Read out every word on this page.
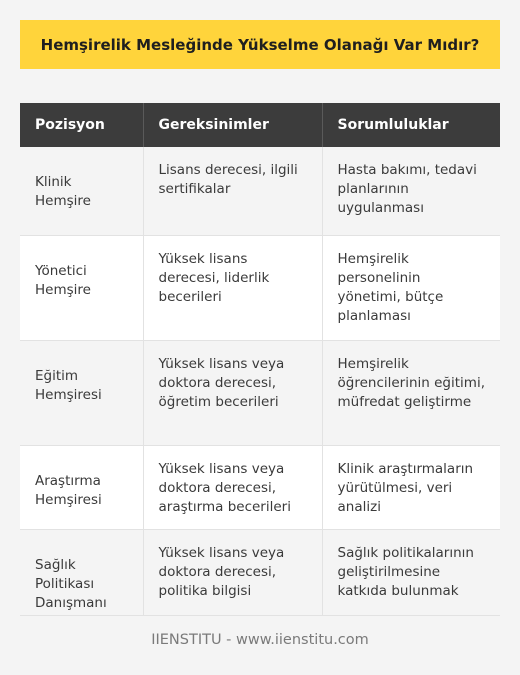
Hemşirelik Mesleğinde Yükselme Olanağı Var Mıdır?
Pozisyon	Gereksinimler	Sorumluluklar
Klinik Hemşire	Lisans derecesi, ilgili sertifikalar	Hasta bakımı, tedavi planlarının uygulanması
Yönetici Hemşire	Yüksek lisans derecesi, liderlik becerileri	Hemşirelik personelinin yönetimi, bütçe planlaması
Eğitim Hemşiresi	Yüksek lisans veya doktora derecesi, öğretim becerileri	Hemşirelik öğrencilerinin eğitimi, müfredat geliştirme
Araştırma Hemşiresi	Yüksek lisans veya doktora derecesi, araştırma becerileri	Klinik araştırmaların yürütülmesi, veri analizi
Sağlık Politikası Danışmanı	Yüksek lisans veya doktora derecesi, politika bilgisi	Sağlık politikalarının geliştirilmesine katkıda bulunmak
IIENSTITU - www.iienstitu.com
